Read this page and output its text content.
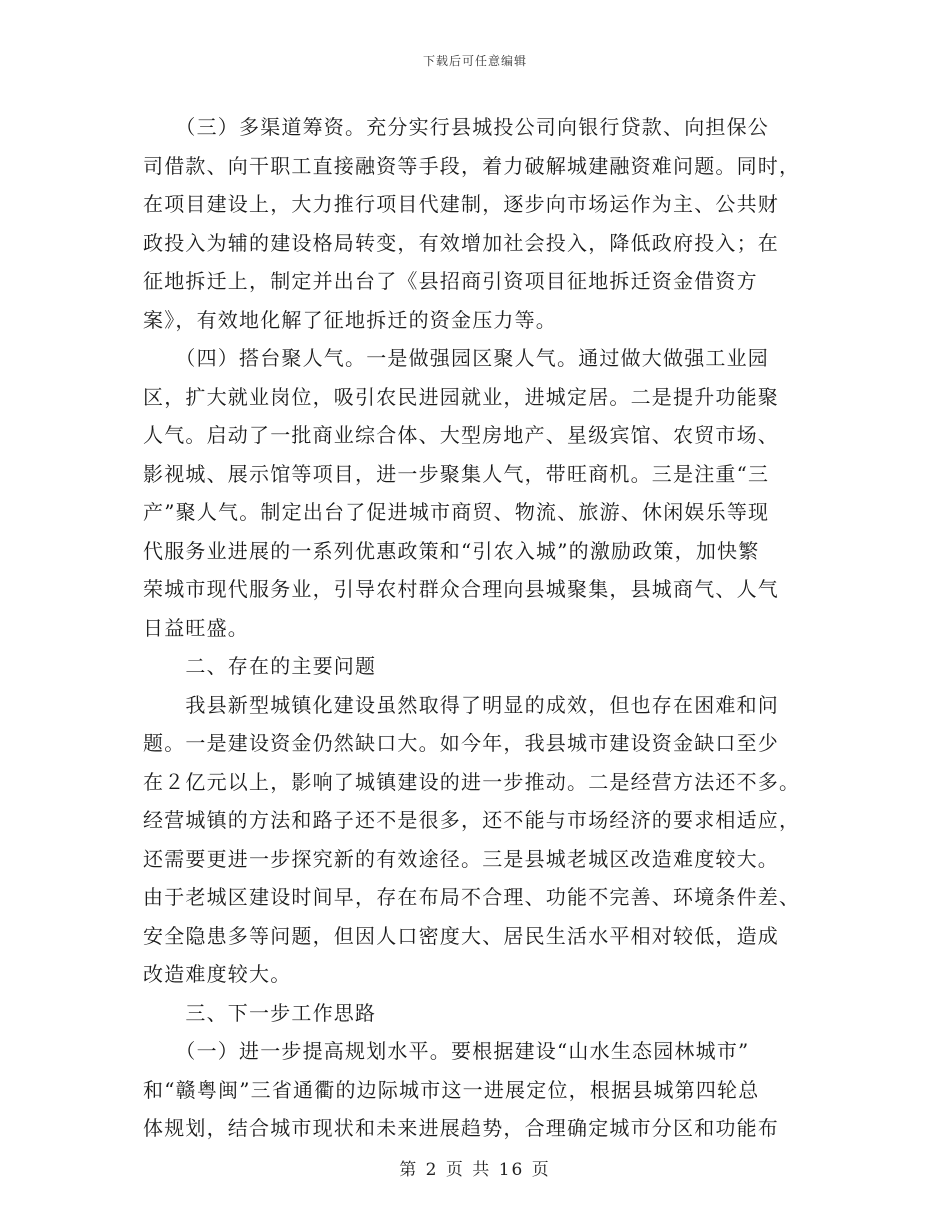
下载后可任意编辑
　　（三）多渠道筹资。充分实行县城投公司向银行贷款、向担保公
司借款、向干职工直接融资等手段，着力破解城建融资难问题。同时，
在项目建设上，大力推行项目代建制，逐步向市场运作为主、公共财
政投入为辅的建设格局转变，有效增加社会投入，降低政府投入；在
征地拆迁上，制定并出台了《县招商引资项目征地拆迁资金借资方
案》，有效地化解了征地拆迁的资金压力等。
　　（四）搭台聚人气。一是做强园区聚人气。通过做大做强工业园
区，扩大就业岗位，吸引农民进园就业，进城定居。二是提升功能聚
人气。启动了一批商业综合体、大型房地产、星级宾馆、农贸市场、
影视城、展示馆等项目，进一步聚集人气，带旺商机。三是注重“三
产”聚人气。制定出台了促进城市商贸、物流、旅游、休闲娱乐等现
代服务业进展的一系列优惠政策和“引农入城”的激励政策，加快繁
荣城市现代服务业，引导农村群众合理向县城聚集，县城商气、人气
日益旺盛。
　　二、存在的主要问题
　　我县新型城镇化建设虽然取得了明显的成效，但也存在困难和问
题。一是建设资金仍然缺口大。如今年，我县城市建设资金缺口至少
在２亿元以上，影响了城镇建设的进一步推动。二是经营方法还不多。
经营城镇的方法和路子还不是很多，还不能与市场经济的要求相适应，
还需要更进一步探究新的有效途径。三是县城老城区改造难度较大。
由于老城区建设时间早，存在布局不合理、功能不完善、环境条件差、
安全隐患多等问题，但因人口密度大、居民生活水平相对较低，造成
改造难度较大。
　　三、下一步工作思路
　　（一）进一步提高规划水平。要根据建设“山水生态园林城市”
和“赣粤闽”三省通衢的边际城市这一进展定位，根据县城第四轮总
体规划，结合城市现状和未来进展趋势，合理确定城市分区和功能布
第 2 页 共 16 页
